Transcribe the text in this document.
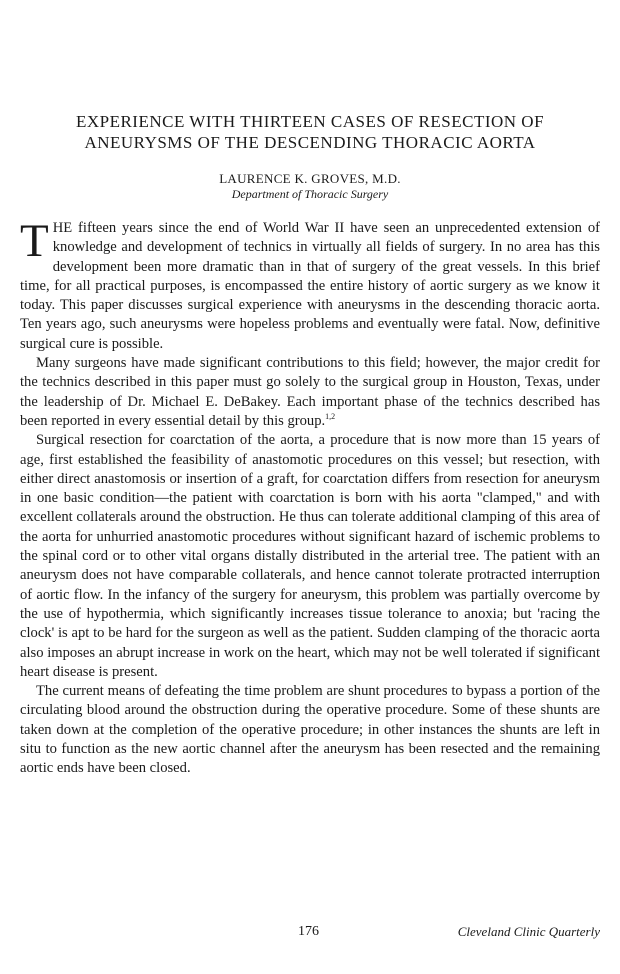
EXPERIENCE WITH THIRTEEN CASES OF RESECTION OF
ANEURYSMS OF THE DESCENDING THORACIC AORTA
LAURENCE K. GROVES, M.D.
Department of Thoracic Surgery

THE fifteen years since the end of World War II have seen an unprecedented extension of knowledge and development of technics in virtually all fields of surgery. In no area has this development been more dramatic than in that of surgery of the great vessels. In this brief time, for all practical purposes, is encompassed the entire history of aortic surgery as we know it today. This paper discusses surgical experience with aneurysms in the descending thoracic aorta. Ten years ago, such aneurysms were hopeless problems and eventually were fatal. Now, definitive surgical cure is possible.

Many surgeons have made significant contributions to this field; however, the major credit for the technics described in this paper must go solely to the surgical group in Houston, Texas, under the leadership of Dr. Michael E. DeBakey. Each important phase of the technics described has been reported in every essential detail by this group.$^{1,2}$

Surgical resection for coarctation of the aorta, a procedure that is now more than 15 years of age, first established the feasibility of anastomotic procedures on this vessel; but resection, with either direct anastomosis or insertion of a graft, for coarctation differs from resection for aneurysm in one basic condition—the patient with coarctation is born with his aorta "clamped," and with excellent collaterals around the obstruction. He thus can tolerate additional clamping of this area of the aorta for unhurried anastomotic procedures without significant hazard of ischemic problems to the spinal cord or to other vital organs distally distributed in the arterial tree. The patient with an aneurysm does not have comparable collaterals, and hence cannot tolerate protracted interruption of aortic flow. In the infancy of the surgery for aneurysm, this problem was partially overcome by the use of hypothermia, which significantly increases tissue tolerance to anoxia; but 'racing the clock' is apt to be hard for the surgeon as well as the patient. Sudden clamping of the thoracic aorta also imposes an abrupt increase in work on the heart, which may not be well tolerated if significant heart disease is present.

The current means of defeating the time problem are shunt procedures to bypass a portion of the circulating blood around the obstruction during the operative procedure. Some of these shunts are taken down at the completion of the operative procedure; in other instances the shunts are left in situ to function as the new aortic channel after the aneurysm has been resected and the remaining aortic ends have been closed.

176	Cleveland Clinic Quarterly
